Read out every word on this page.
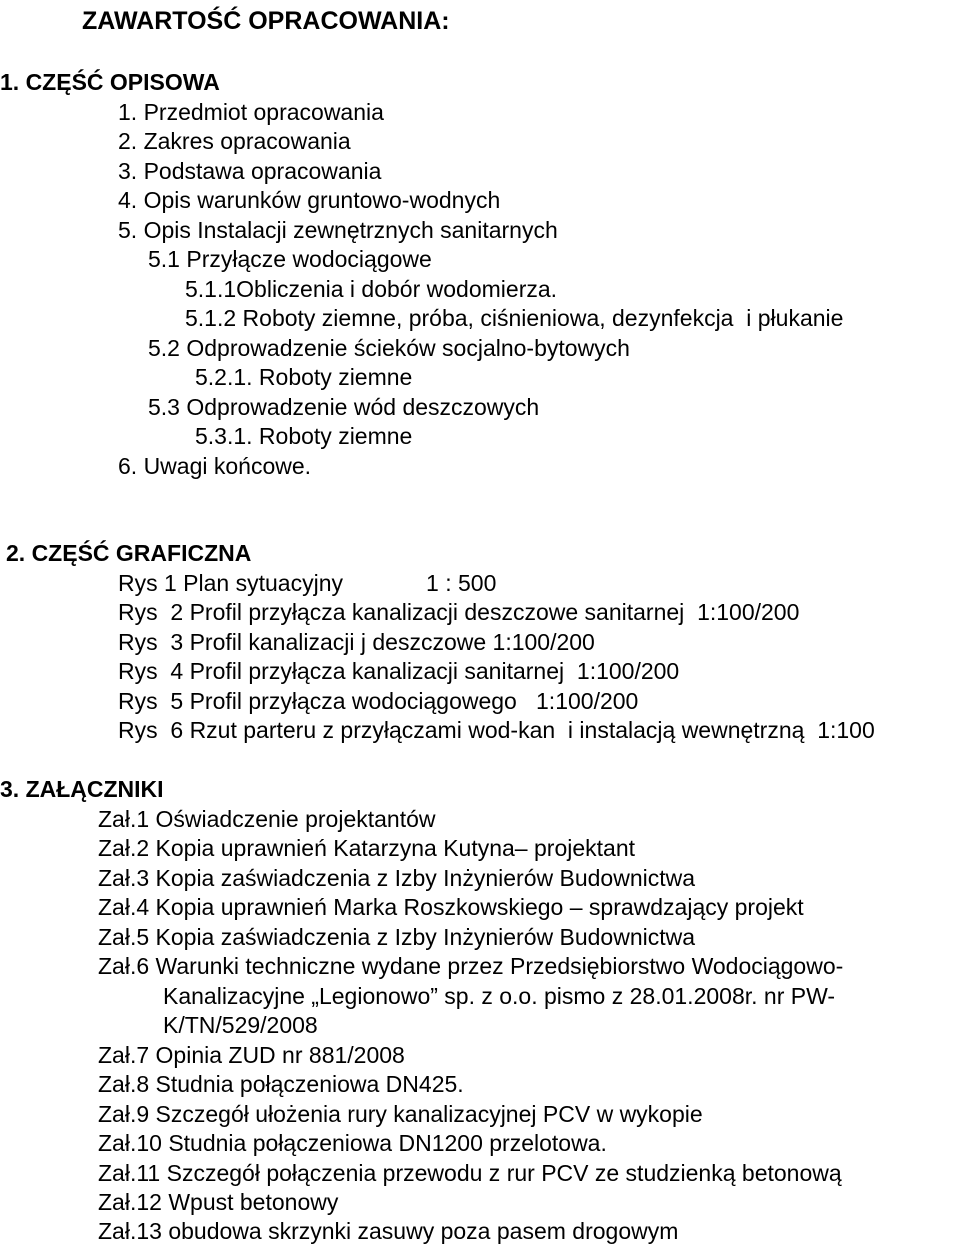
ZAWARTOŚĆ OPRACOWANIA:
1. CZĘŚĆ OPISOWA
1. Przedmiot opracowania
2. Zakres opracowania
3. Podstawa opracowania
4. Opis warunków gruntowo-wodnych
5. Opis Instalacji zewnętrznych sanitarnych
5.1 Przyłącze wodociągowe
5.1.1Obliczenia i dobór wodomierza.
5.1.2 Roboty ziemne, próba, ciśnieniowa, dezynfekcja  i płukanie
5.2 Odprowadzenie ścieków socjalno-bytowych
5.2.1. Roboty ziemne
5.3 Odprowadzenie wód deszczowych
5.3.1. Roboty ziemne
6. Uwagi końcowe.
2. CZĘŚĆ GRAFICZNA
Rys 1 Plan sytuacyjny             1 : 500
Rys  2 Profil przyłącza kanalizacji deszczowe sanitarnej  1:100/200
Rys  3 Profil kanalizacji j deszczowe 1:100/200
Rys  4 Profil przyłącza kanalizacji sanitarnej  1:100/200
Rys  5 Profil przyłącza wodociągowego   1:100/200
Rys  6 Rzut parteru z przyłączami wod-kan  i instalacją wewnętrzną  1:100
3. ZAŁĄCZNIKI
Zał.1 Oświadczenie projektantów
Zał.2 Kopia uprawnień Katarzyna Kutyna– projektant
Zał.3 Kopia zaświadczenia z Izby Inżynierów Budownictwa
Zał.4 Kopia uprawnień Marka Roszkowskiego – sprawdzający projekt
Zał.5 Kopia zaświadczenia z Izby Inżynierów Budownictwa
Zał.6 Warunki techniczne wydane przez Przedsiębiorstwo Wodociągowo-
Kanalizacyjne „Legionowo” sp. z o.o. pismo z 28.01.2008r. nr PW-
K/TN/529/2008
Zał.7 Opinia ZUD nr 881/2008
Zał.8 Studnia połączeniowa DN425.
Zał.9 Szczegół ułożenia rury kanalizacyjnej PCV w wykopie
Zał.10 Studnia połączeniowa DN1200 przelotowa.
Zał.11 Szczegół połączenia przewodu z rur PCV ze studzienką betonową
Zał.12 Wpust betonowy
Zał.13 obudowa skrzynki zasuwy poza pasem drogowym
